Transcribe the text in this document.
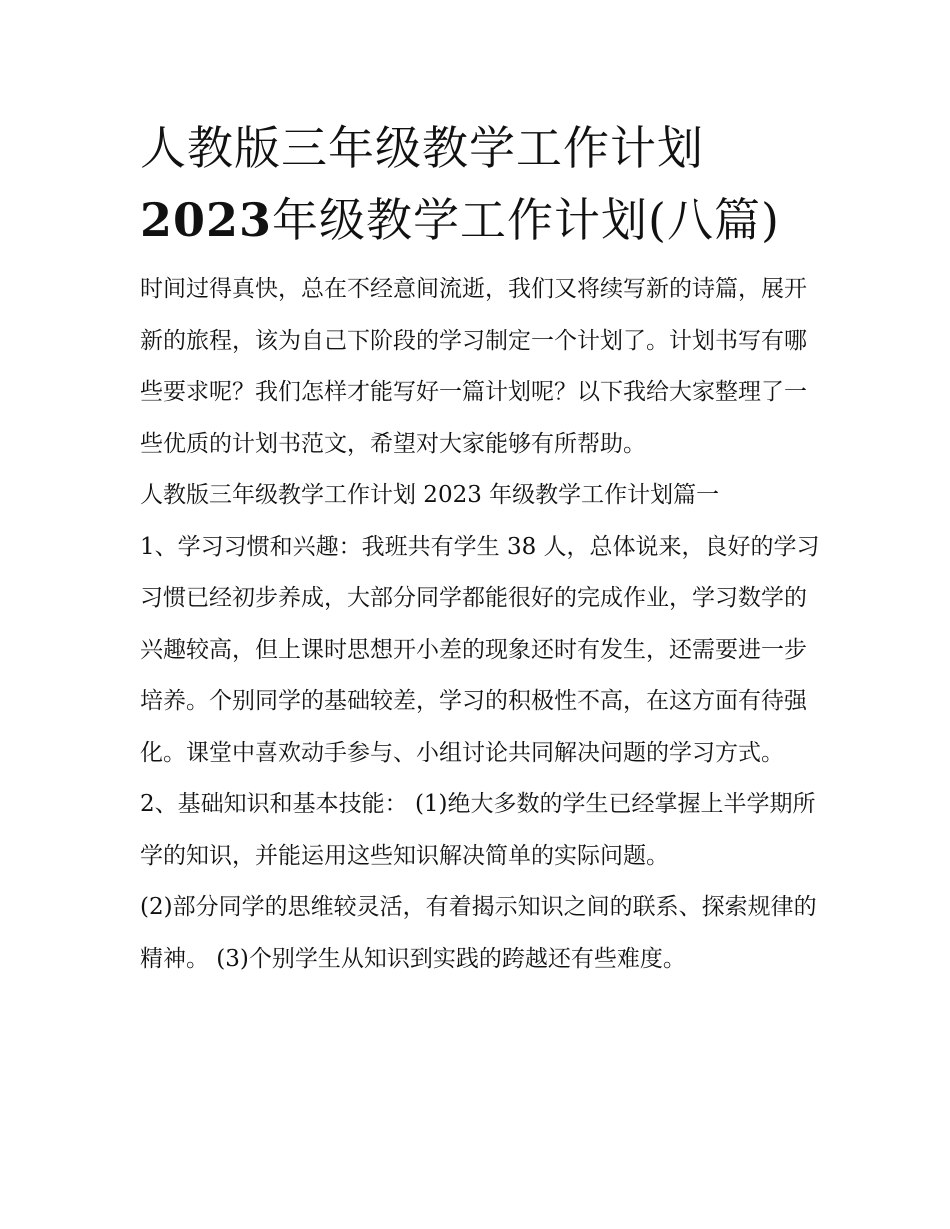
人教版三年级教学工作计划
2023年级教学工作计划(八篇)

时间过得真快，总在不经意间流逝，我们又将续写新的诗篇，展开新的旅程，该为自己下阶段的学习制定一个计划了。计划书写有哪些要求呢？我们怎样才能写好一篇计划呢？以下我给大家整理了一些优质的计划书范文，希望对大家能够有所帮助。

人教版三年级教学工作计划 2023 年级教学工作计划篇一

1、学习习惯和兴趣：我班共有学生 38 人，总体说来，良好的学习习惯已经初步养成，大部分同学都能很好的完成作业，学习数学的兴趣较高，但上课时思想开小差的现象还时有发生，还需要进一步培养。个别同学的基础较差，学习的积极性不高，在这方面有待强化。课堂中喜欢动手参与、小组讨论共同解决问题的学习方式。

2、基础知识和基本技能： (1)绝大多数的学生已经掌握上半学期所学的知识，并能运用这些知识解决简单的实际问题。

(2)部分同学的思维较灵活，有着揭示知识之间的联系、探索规律的精神。 (3)个别学生从知识到实践的跨越还有些难度。
